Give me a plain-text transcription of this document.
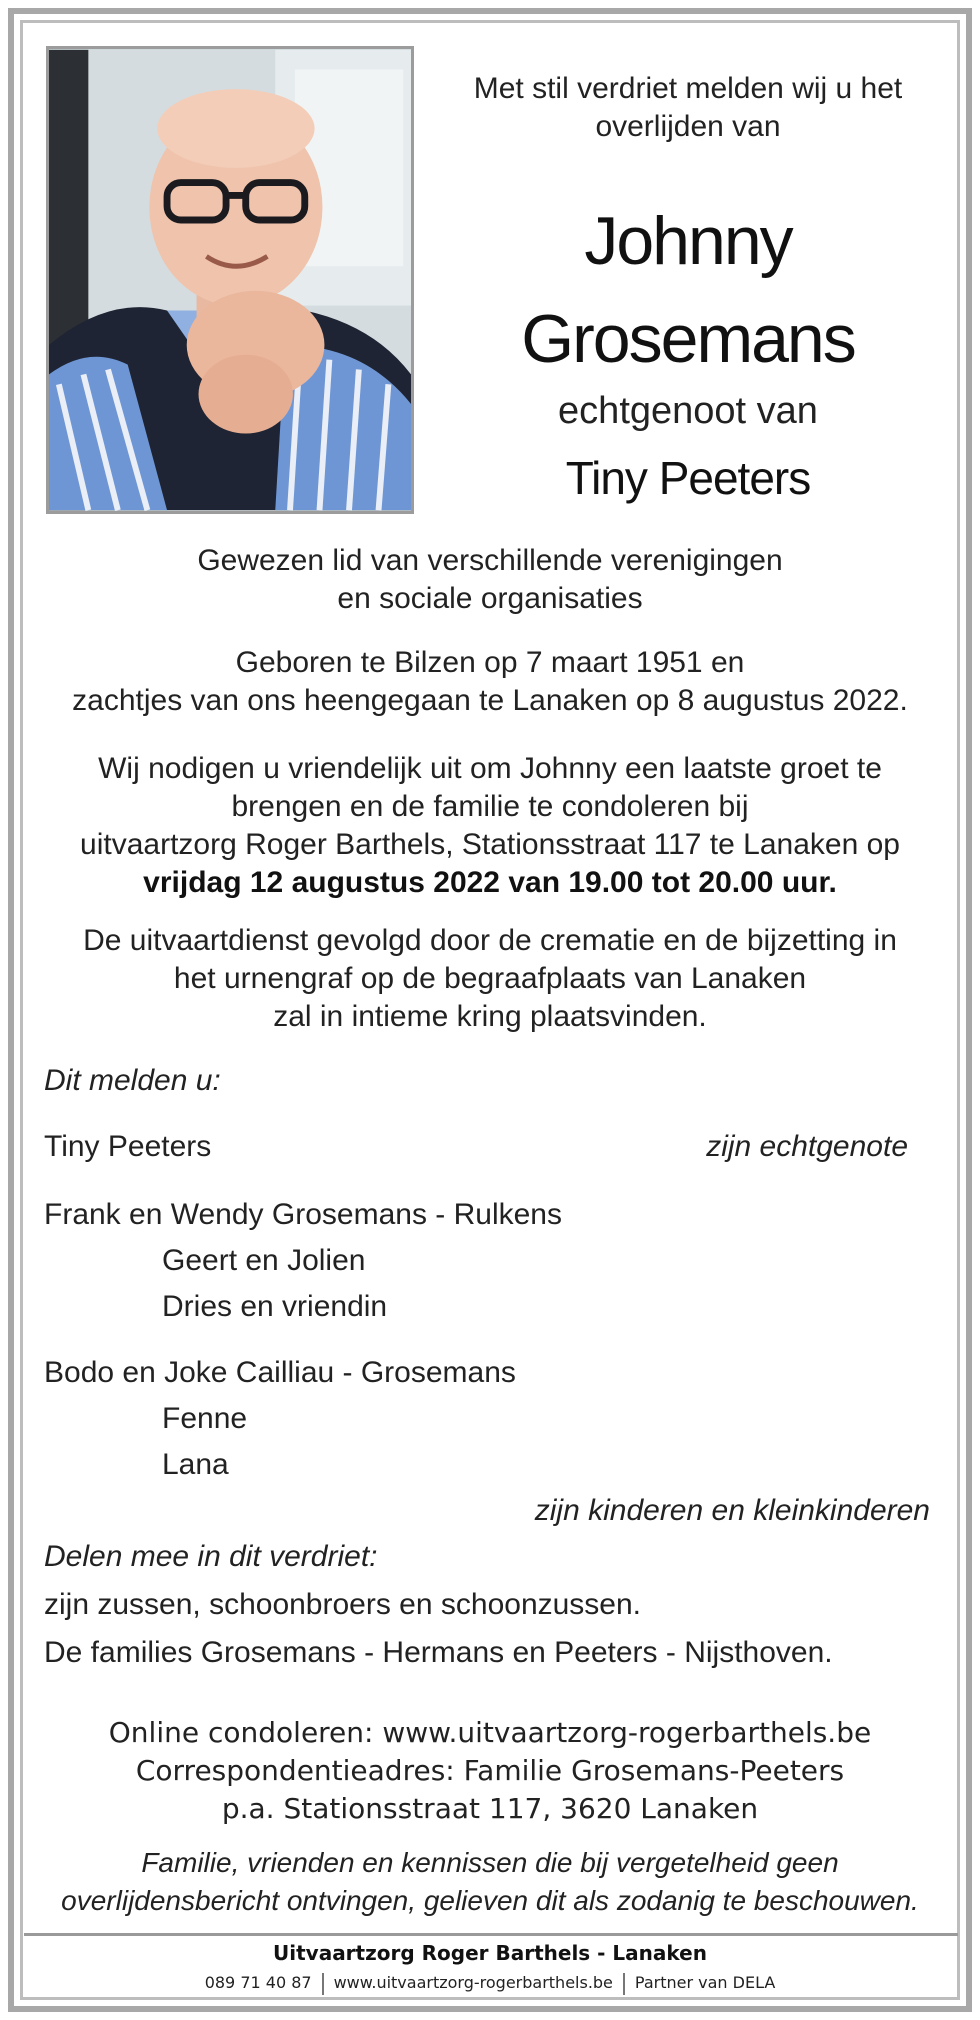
Met stil verdriet melden wij u het
overlijden van
Johnny
Grosemans
echtgenoot van
Tiny Peeters
Gewezen lid van verschillende verenigingen
en sociale organisaties
Geboren te Bilzen op 7 maart 1951 en
zachtjes van ons heengegaan te Lanaken op 8 augustus 2022.
Wij nodigen u vriendelijk uit om Johnny een laatste groet te
brengen en de familie te condoleren bij
uitvaartzorg Roger Barthels, Stationsstraat 117 te Lanaken op
vrijdag 12 augustus 2022 van 19.00 tot 20.00 uur.
De uitvaartdienst gevolgd door de crematie en de bijzetting in
het urnengraf op de begraafplaats van Lanaken
zal in intieme kring plaatsvinden.
Dit melden u:
Tiny Peeters	zijn echtgenote
Frank en Wendy Grosemans - Rulkens
Geert en Jolien
Dries en vriendin
Bodo en Joke Cailliau - Grosemans
Fenne
Lana
zijn kinderen en kleinkinderen
Delen mee in dit verdriet:
zijn zussen, schoonbroers en schoonzussen.
De families Grosemans - Hermans en Peeters - Nijsthoven.
Online condoleren: www.uitvaartzorg-rogerbarthels.be
Correspondentieadres: Familie Grosemans-Peeters
p.a. Stationsstraat 117, 3620 Lanaken
Familie, vrienden en kennissen die bij vergetelheid geen
overlijdensbericht ontvingen, gelieven dit als zodanig te beschouwen.
Uitvaartzorg Roger Barthels - Lanaken
089 71 40 87 www.uitvaartzorg-rogerbarthels.be Partner van DELA
